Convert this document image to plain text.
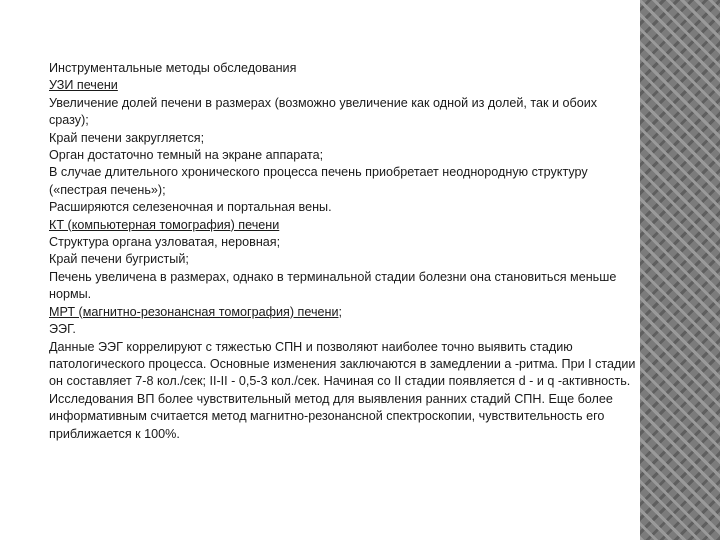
Инструментальные методы обследования

УЗИ печени

Увеличение долей печени в размерах (возможно увеличение как одной из долей, так и обоих

сразу);

Край печени закругляется;

Орган достаточно темный на экране аппарата;

В случае длительного хронического процесса печень приобретает неоднородную структуру

(«пестрая печень»);

Расширяются селезеночная и портальная вены.

КТ (компьютерная томография) печени

Структура органа узловатая, неровная;

Край печени бугристый;

Печень увеличена в размерах, однако в терминальной стадии болезни она становиться меньше

нормы.

МРТ (магнитно-резонансная томография) печени;

ЭЭГ.

Данные ЭЭГ коррелируют с тяжестью СПН и позволяют наиболее точно выявить стадию

патологического процесса. Основные изменения заключаются в замедлении а -ритма. При I стадии

он составляет 7-8 кол./сек; II-II - 0,5-3 кол./сек. Начиная со II стадии появляется d - и q -активность.

Исследования ВП более чувствительный метод для выявления ранних стадий СПН. Еще более

информативным считается метод магнитно-резонансной спектроскопии, чувствительность его

приближается к 100%.
